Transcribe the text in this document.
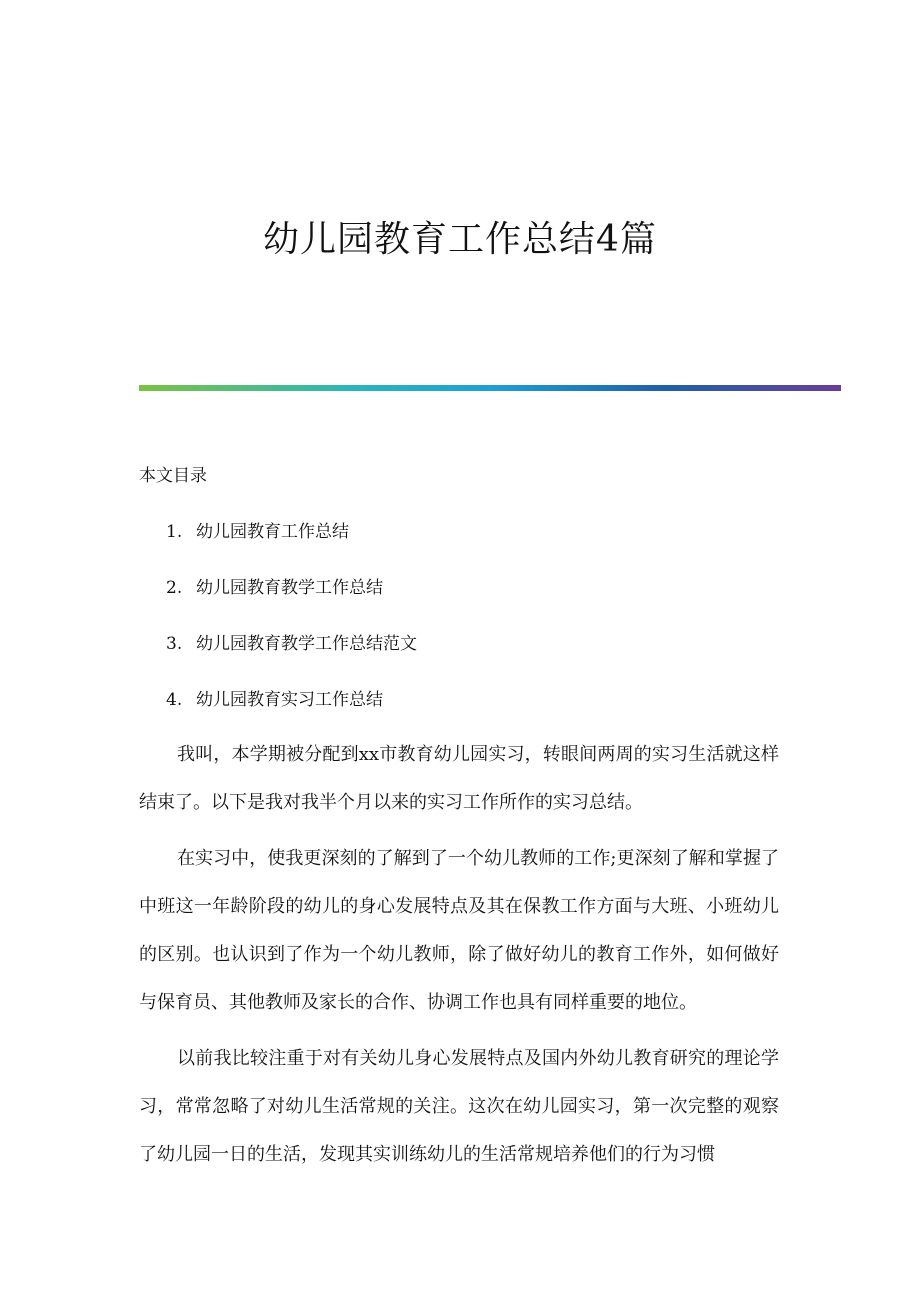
幼儿园教育工作总结4篇
本文目录
1. 幼儿园教育工作总结
2. 幼儿园教育教学工作总结
3. 幼儿园教育教学工作总结范文
4. 幼儿园教育实习工作总结

我叫，本学期被分配到xx市教育幼儿园实习，转眼间两周的实习生活就这样结束了。以下是我对我半个月以来的实习工作所作的实习总结。

在实习中，使我更深刻的了解到了一个幼儿教师的工作;更深刻了解和掌握了中班这一年龄阶段的幼儿的身心发展特点及其在保教工作方面与大班、小班幼儿的区别。也认识到了作为一个幼儿教师，除了做好幼儿的教育工作外，如何做好与保育员、其他教师及家长的合作、协调工作也具有同样重要的地位。

以前我比较注重于对有关幼儿身心发展特点及国内外幼儿教育研究的理论学习，常常忽略了对幼儿生活常规的关注。这次在幼儿园实习，第一次完整的观察了幼儿园一日的生活，发现其实训练幼儿的生活常规培养他们的行为习惯
